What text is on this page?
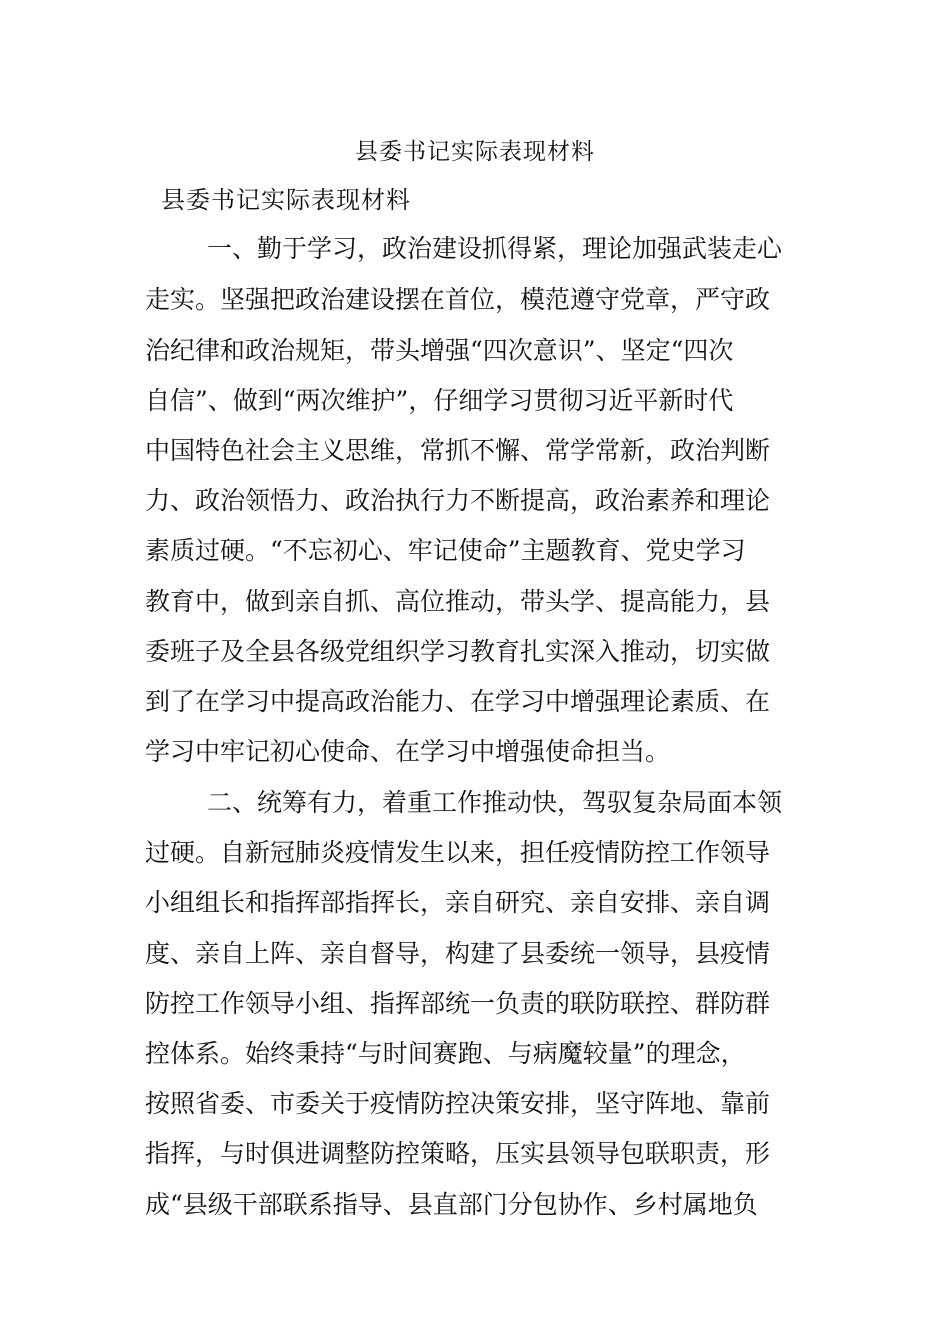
县委书记实际表现材料
县委书记实际表现材料
一、勤于学习，政治建设抓得紧，理论加强武装走心
走实。坚强把政治建设摆在首位，模范遵守党章，严守政
治纪律和政治规矩，带头增强“四次意识”、坚定“四次
自信”、做到“两次维护”，仔细学习贯彻习近平新时代
中国特色社会主义思维，常抓不懈、常学常新，政治判断
力、政治领悟力、政治执行力不断提高，政治素养和理论
素质过硬。“不忘初心、牢记使命”主题教育、党史学习
教育中，做到亲自抓、高位推动，带头学、提高能力，县
委班子及全县各级党组织学习教育扎实深入推动，切实做
到了在学习中提高政治能力、在学习中增强理论素质、在
学习中牢记初心使命、在学习中增强使命担当。
二、统筹有力，着重工作推动快，驾驭复杂局面本领
过硬。自新冠肺炎疫情发生以来，担任疫情防控工作领导
小组组长和指挥部指挥长，亲自研究、亲自安排、亲自调
度、亲自上阵、亲自督导，构建了县委统一领导，县疫情
防控工作领导小组、指挥部统一负责的联防联控、群防群
控体系。始终秉持“与时间赛跑、与病魔较量”的理念，
按照省委、市委关于疫情防控决策安排，坚守阵地、靠前
指挥，与时俱进调整防控策略，压实县领导包联职责，形
成“县级干部联系指导、县直部门分包协作、乡村属地负
